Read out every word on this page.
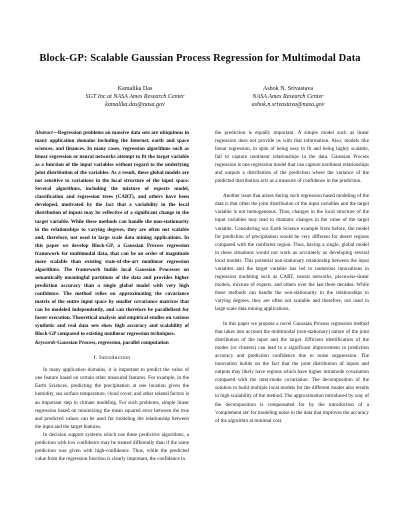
Block-GP: Scalable Gaussian Process Regression for Multimodal Data
Kamalika Das
SGT Inc at NASA Ames Research Center
kamalika.das@nasa.gov
Ashok N. Srivastava
NASA Ames Research Center
ashok.n.srivastava@nasa.gov

Abstract—Regression problems on massive data sets are ubiquitous in many application domains including the Internet, earth and space sciences, and finances. In many cases, regression algorithms such as linear regression or neural networks attempt to fit the target variable as a function of the input variables without regard to the underlying joint distribution of the variables. As a result, these global models are not sensitive to variations in the local structure of the input space. Several algorithms, including the mixture of experts model, classification and regression trees (CART), and others have been developed, motivated by the fact that a variability in the local distribution of inputs may be reflective of a significant change in the target variable. While these methods can handle the non-stationarity in the relationships to varying degrees, they are often not scalable and, therefore, not used in large scale data mining applications. In this paper we develop Block-GP, a Gaussian Process regression framework for multimodal data, that can be an order of magnitude more scalable than existing state-of-the-art nonlinear regression algorithms. The framework builds local Gaussian Processes on semantically meaningful partitions of the data and provides higher prediction accuracy than a single global model with very high confidence. The method relies on approximating the covariance matrix of the entire input space by smaller covariance matrices that can be modeled independently, and can therefore be parallelized for faster execution. Theoretical analysis and empirical studies on various synthetic and real data sets show high accuracy and scalability of Block-GP compared to existing nonlinear regression techniques.

Keywords-Gaussian Process, regression, parallel computation

I. Introduction

In many application domains, it is important to predict the value of one feature based on certain other measured features. For example, in the Earth Sciences, predicting the precipitation at one location given the humidity, sea surface temperature, cloud cover, and other related factors is an important step in climate modeling. For such problems, simple linear regression based on minimizing the mean squared error between the true and predicted values can be used for modeling the relationship between the input and the target features.

In decision support systems which use these predictive algorithms, a prediction with low confidence may be treated differently than if the same prediction was given with high-confidence. Thus, while the predicted value from the regression function is clearly important, the confidence in

the prediction is equally important. A simple model such as linear regression does not provide us with that information. Also, models like linear regression, in spite of being easy to fit and being highly scalable, fail to capture nonlinear relationships in the data. Gaussian Process regression is one regression model that can capture nonlinear relationships and outputs a distribution of the prediction where the variance of the predicted distribution acts as a measure of confidence in the prediction.

Another issue that arises during such regression based modeling of the data is that often the joint distribution of the input variables and the target variable is not homogeneous. Thus, changes in the local structure of the input variables may lead to dramatic changes in the value of the target variable. Considering our Earth Science example from before, the model for prediction of precipitation would be very different for desert regions compared with the rainforest region. Thus, having a single, global model in these situations would not work as accurately as developing several local models. This potential non-stationary relationship between the input variables and the target variable has led to numerous innovations in regression modeling such as CART, neural networks, piecewise-linear models, mixture of experts, and others over the last three decades. While these methods can handle the non-stationarity in the relationships to varying degrees, they are often not scalable and therefore, not used in large scale data mining applications.

In this paper we propose a novel Gaussian Process regression method that takes into account the multimodal (non-stationary) nature of the joint distribution of the input and the target. Efficient identification of the modes (or clusters) can lead to a significant improvement in prediction accuracy and prediction confidence due to noise suppression. The innovation builds on the fact that the joint distribution of inputs and outputs may likely have regions which have higher intramode covariation compared with the inter-mode covariation. The decomposition of the solution to build multiple local models for the different modes also results in high scalability of the method. The approximation introduced by way of the decomposition is compensated for by the introduction of a 'complement set' for modeling noise in the data that improves the accuracy of the algorithm at minimal cost.
